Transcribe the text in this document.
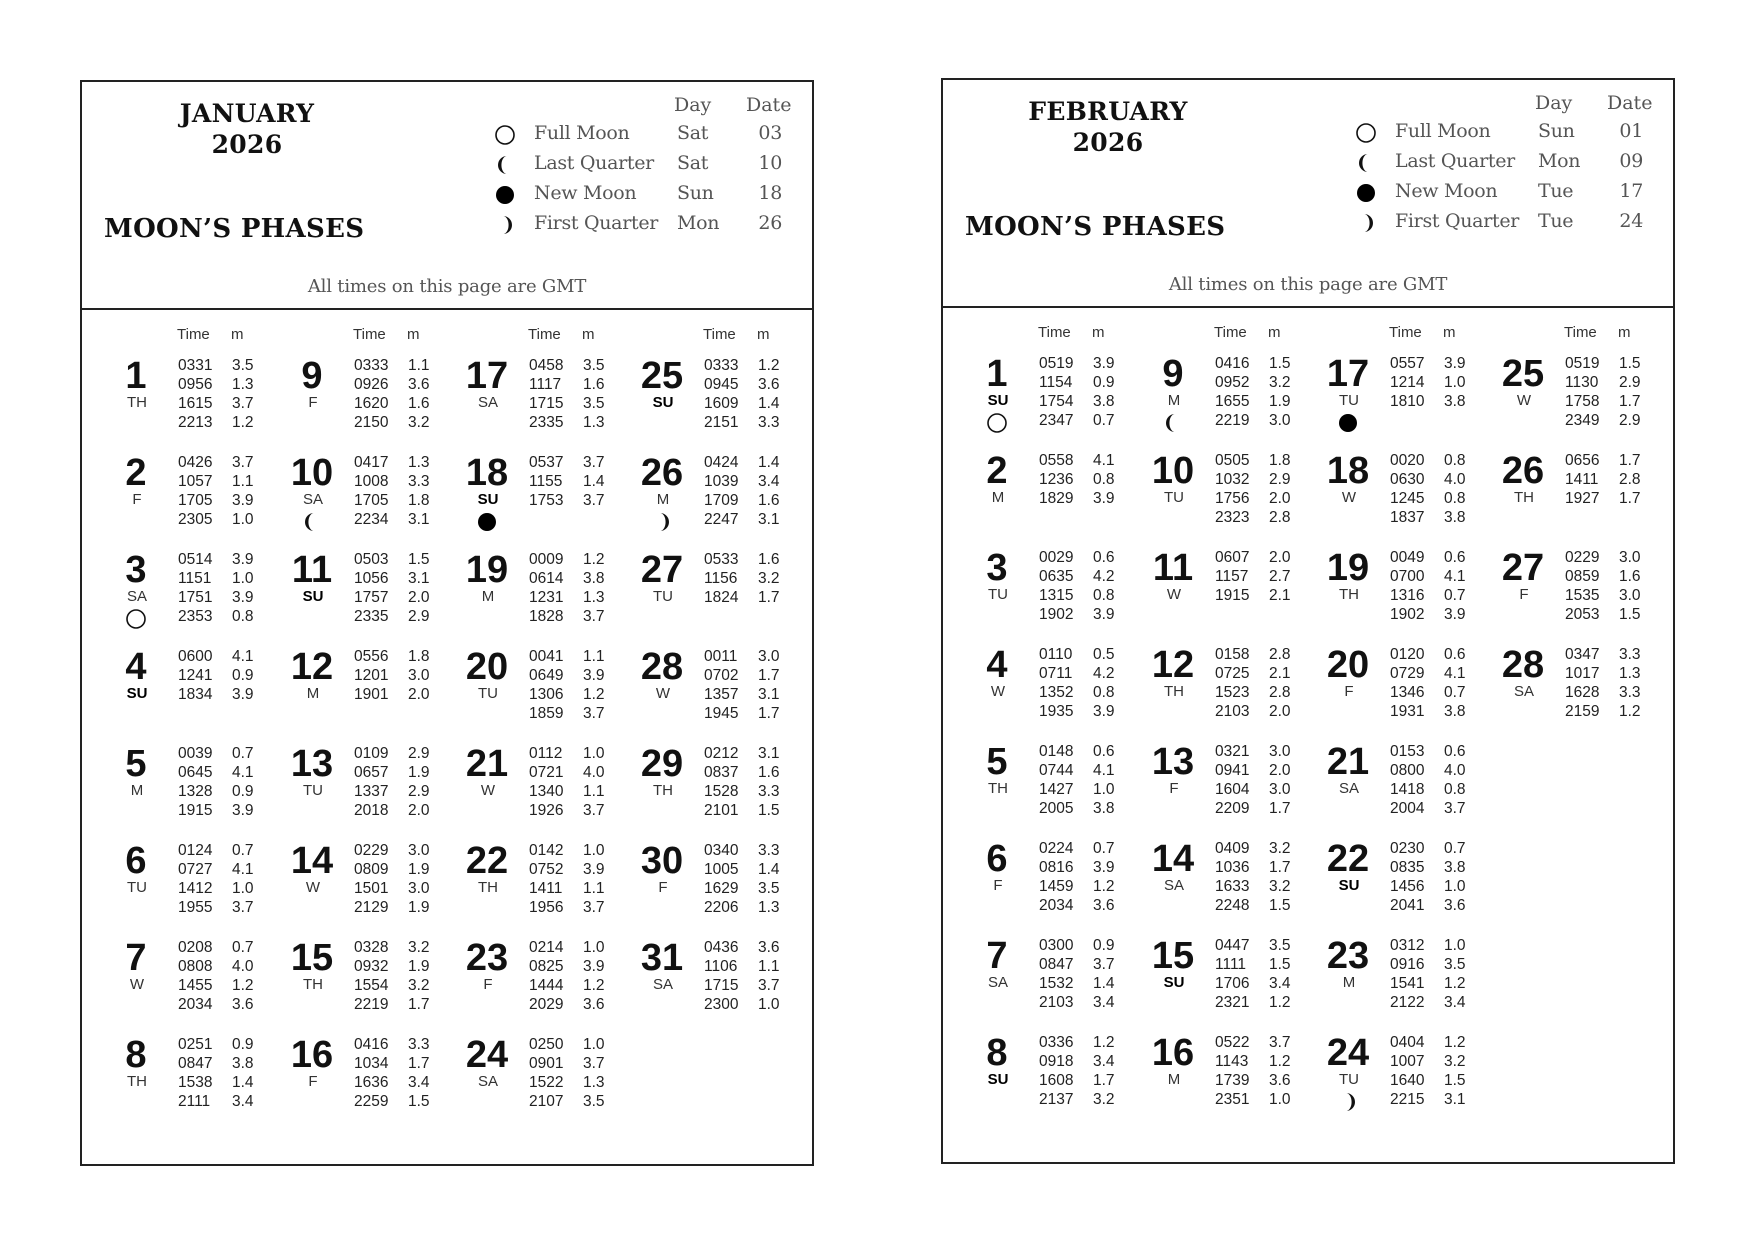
JANUARY
2026
MOON’S PHASES
Day Date
Full Moon	Sat	03
Last Quarter Sat	10
New Moon Sun 18
First Quarter Mon 26
All times on this page are GMT
Time m	Time m	Time m	Time m
1
TH
0331 3.5
0956 1.3
1615 3.7
2213 1.2
2
F
0426 3.7
1057 1.1
1705 3.9
2305 1.0
3
SA
0514 3.9
1151 1.0
1751 3.9
2353 0.8
4
SU
0600 4.1
1241 0.9
1834 3.9
5
M
0039 0.7
0645 4.1
1328 0.9
1915 3.9
6
TU
0124 0.7
0727 4.1
1412 1.0
1955 3.7
7
W
0208 0.7
0808 4.0
1455 1.2
2034 3.6
8
TH
0251 0.9
0847 3.8
1538 1.4
2111 3.4
9
F
0333 1.1
0926 3.6
1620 1.6
2150 3.2
10
SA
0417 1.3
1008 3.3
1705 1.8
2234 3.1
11
SU
0503 1.5
1056 3.1
1757 2.0
2335 2.9
12
M
0556 1.8
1201 3.0
1901 2.0
13
TU
0109 2.9
0657 1.9
1337 2.9
2018 2.0
14
W
0229 3.0
0809 1.9
1501 3.0
2129 1.9
15
TH
0328 3.2
0932 1.9
1554 3.2
2219 1.7
16
F
0416 3.3
1034 1.7
1636 3.4
2259 1.5
17
SA
0458 3.5
1117 1.6
1715 3.5
2335 1.3
18
SU
0537 3.7
1155 1.4
1753 3.7
19
M
0009 1.2
0614 3.8
1231 1.3
1828 3.7
20
TU
0041 1.1
0649 3.9
1306 1.2
1859 3.7
21
W
0112 1.0
0721 4.0
1340 1.1
1926 3.7
22
TH
0142 1.0
0752 3.9
1411 1.1
1956 3.7
23
F
0214 1.0
0825 3.9
1444 1.2
2029 3.6
24
SA
0250 1.0
0901 3.7
1522 1.3
2107 3.5
25
SU
0333 1.2
0945 3.6
1609 1.4
2151 3.3
26
M
0424 1.4
1039 3.4
1709 1.6
2247 3.1
27
TU
0533 1.6
1156 3.2
1824 1.7
28
W
0011 3.0
0702 1.7
1357 3.1
1945 1.7
29
TH
0212 3.1
0837 1.6
1528 3.3
2101 1.5
30
F
0340 3.3
1005 1.4
1629 3.5
2206 1.3
31
SA
0436 3.6
1106 1.1
1715 3.7
2300 1.0
FEBRUARY
2026
MOON’S PHASES
Day Date
Full Moon	Sun 01
Last Quarter Mon 09
New Moon Tue 17
First Quarter Tue 24
All times on this page are GMT
Time m	Time m	Time m	Time m
1
SU
0519 3.9
1154 0.9
1754 3.8
2347 0.7
2
M
0558 4.1
1236 0.8
1829 3.9
3
TU
0029 0.6
0635 4.2
1315 0.8
1902 3.9
4
W
0110 0.5
0711 4.2
1352 0.8
1935 3.9
5
TH
0148 0.6
0744 4.1
1427 1.0
2005 3.8
6
F
0224 0.7
0816 3.9
1459 1.2
2034 3.6
7
SA
0300 0.9
0847 3.7
1532 1.4
2103 3.4
8
SU
0336 1.2
0918 3.4
1608 1.7
2137 3.2
9
M
0416 1.5
0952 3.2
1655 1.9
2219 3.0
10
TU
0505 1.8
1032 2.9
1756 2.0
2323 2.8
11
W
0607 2.0
1157 2.7
1915 2.1
12
TH
0158 2.8
0725 2.1
1523 2.8
2103 2.0
13
F
0321 3.0
0941 2.0
1604 3.0
2209 1.7
14
SA
0409 3.2
1036 1.7
1633 3.2
2248 1.5
15
SU
0447 3.5
1111 1.5
1706 3.4
2321 1.2
16
M
0522 3.7
1143 1.2
1739 3.6
2351 1.0
17
TU
0557 3.9
1214 1.0
1810 3.8
18
W
0020 0.8
0630 4.0
1245 0.8
1837 3.8
19
TH
0049 0.6
0700 4.1
1316 0.7
1902 3.9
20
F
0120 0.6
0729 4.1
1346 0.7
1931 3.8
21
SA
0153 0.6
0800 4.0
1418 0.8
2004 3.7
22
SU
0230 0.7
0835 3.8
1456 1.0
2041 3.6
23
M
0312 1.0
0916 3.5
1541 1.2
2122 3.4
24
TU
0404 1.2
1007 3.2
1640 1.5
2215 3.1
25
W
0519 1.5
1130 2.9
1758 1.7
2349 2.9
26
TH
0656 1.7
1411 2.8
1927 1.7
27
F
0229 3.0
0859 1.6
1535 3.0
2053 1.5
28
SA
0347 3.3
1017 1.3
1628 3.3
2159 1.2
